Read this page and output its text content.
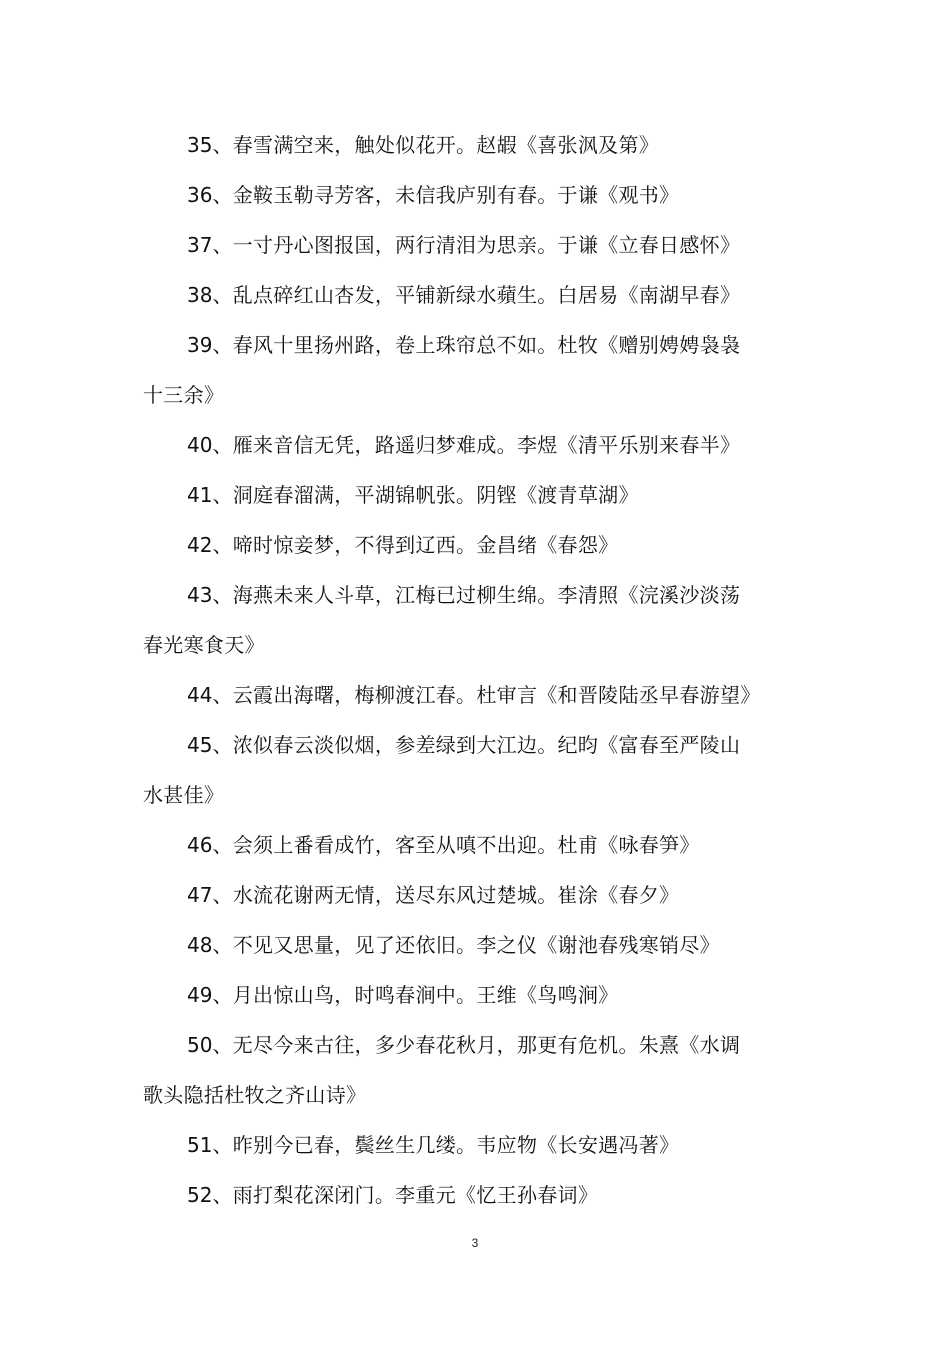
35、春雪满空来，触处似花开。赵嘏《喜张沨及第》
36、金鞍玉勒寻芳客，未信我庐别有春。于谦《观书》
37、一寸丹心图报国，两行清泪为思亲。于谦《立春日感怀》
38、乱点碎红山杏发，平铺新绿水蘋生。白居易《南湖早春》
39、春风十里扬州路，卷上珠帘总不如。杜牧《赠别娉娉袅袅
十三余》
40、雁来音信无凭，路遥归梦难成。李煜《清平乐别来春半》
41、洞庭春溜满，平湖锦帆张。阴铿《渡青草湖》
42、啼时惊妾梦，不得到辽西。金昌绪《春怨》
43、海燕未来人斗草，江梅已过柳生绵。李清照《浣溪沙淡荡
春光寒食天》
44、云霞出海曙，梅柳渡江春。杜审言《和晋陵陆丞早春游望》
45、浓似春云淡似烟，参差绿到大江边。纪昀《富春至严陵山
水甚佳》
46、会须上番看成竹，客至从嗔不出迎。杜甫《咏春笋》
47、水流花谢两无情，送尽东风过楚城。崔涂《春夕》
48、不见又思量，见了还依旧。李之仪《谢池春残寒销尽》
49、月出惊山鸟，时鸣春涧中。王维《鸟鸣涧》
50、无尽今来古往，多少春花秋月，那更有危机。朱熹《水调
歌头隐括杜牧之齐山诗》
51、昨别今已春，鬓丝生几缕。韦应物《长安遇冯著》
52、雨打梨花深闭门。李重元《忆王孙春词》
3
